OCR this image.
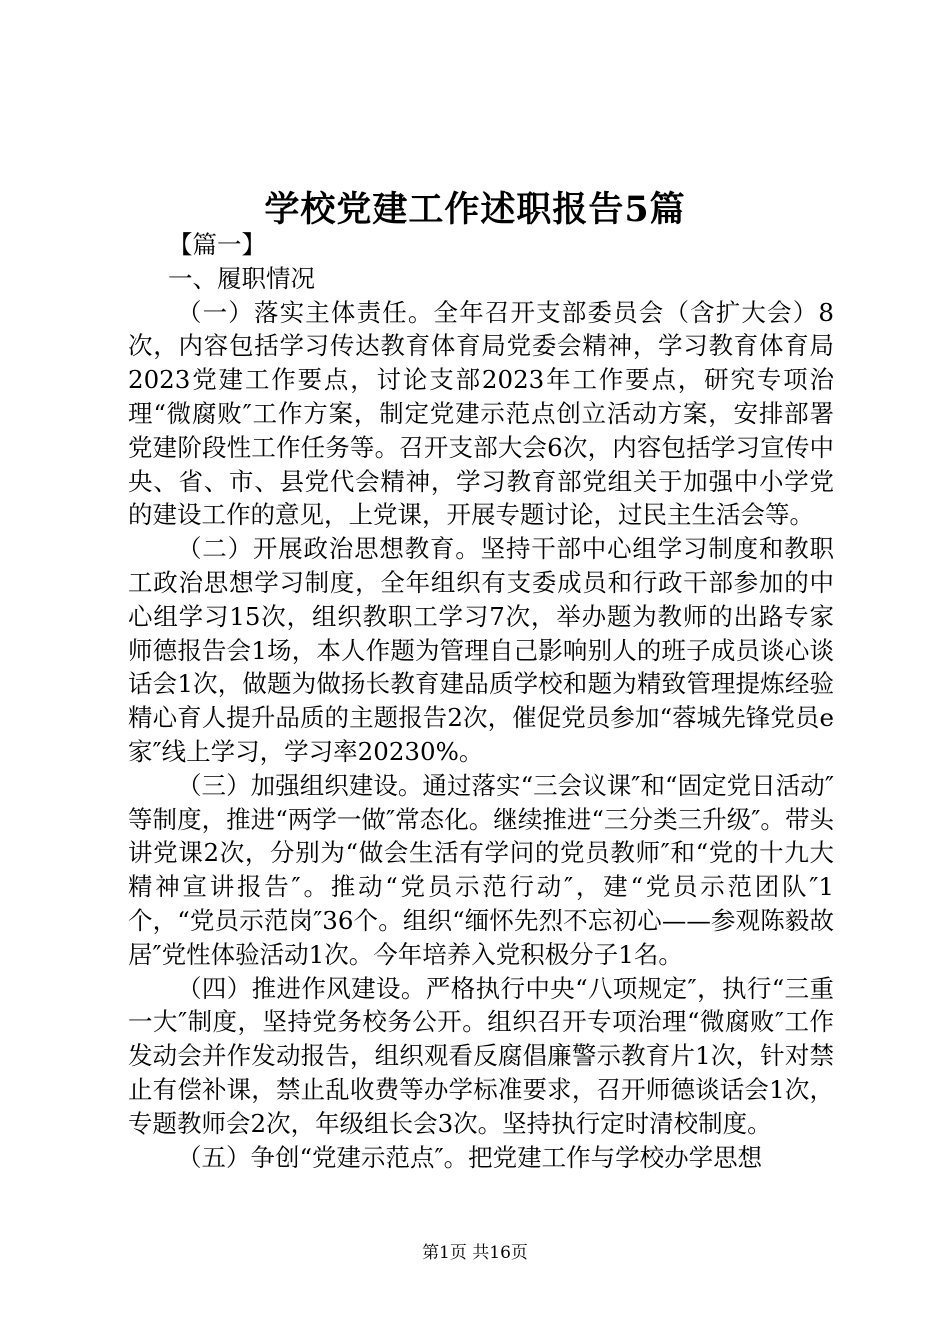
学校党建工作述职报告5篇

【篇一】

一、履职情况

（一）落实主体责任。全年召开支部委员会（含扩大会）8次，内容包括学习传达教育体育局党委会精神，学习教育体育局2023党建工作要点，讨论支部2023年工作要点，研究专项治理“微腐败″工作方案，制定党建示范点创立活动方案，安排部署党建阶段性工作任务等。召开支部大会6次，内容包括学习宣传中央、省、市、县党代会精神，学习教育部党组关于加强中小学党的建设工作的意见，上党课，开展专题讨论，过民主生活会等。

（二）开展政治思想教育。坚持干部中心组学习制度和教职工政治思想学习制度，全年组织有支委成员和行政干部参加的中心组学习15次，组织教职工学习7次，举办题为教师的出路专家师德报告会1场，本人作题为管理自己影响别人的班子成员谈心谈话会1次，做题为做扬长教育建品质学校和题为精致管理提炼经验精心育人提升品质的主题报告2次，催促党员参加“蓉城先锋党员e家″线上学习，学习率20230%。

（三）加强组织建设。通过落实“三会议课″和“固定党日活动″等制度，推进“两学一做″常态化。继续推进“三分类三升级″。带头讲党课2次，分别为“做会生活有学问的党员教师″和“党的十九大精神宣讲报告″。推动“党员示范行动″，建“党员示范团队″1个，“党员示范岗″36个。组织“缅怀先烈不忘初心——参观陈毅故居″党性体验活动1次。今年培养入党积极分子1名。

（四）推进作风建设。严格执行中央“八项规定″，执行“三重一大″制度，坚持党务校务公开。组织召开专项治理“微腐败″工作发动会并作发动报告，组织观看反腐倡廉警示教育片1次，针对禁止有偿补课，禁止乱收费等办学标准要求，召开师德谈话会1次，专题教师会2次，年级组长会3次。坚持执行定时清校制度。

（五）争创“党建示范点″。把党建工作与学校办学思想

第1页 共16页
